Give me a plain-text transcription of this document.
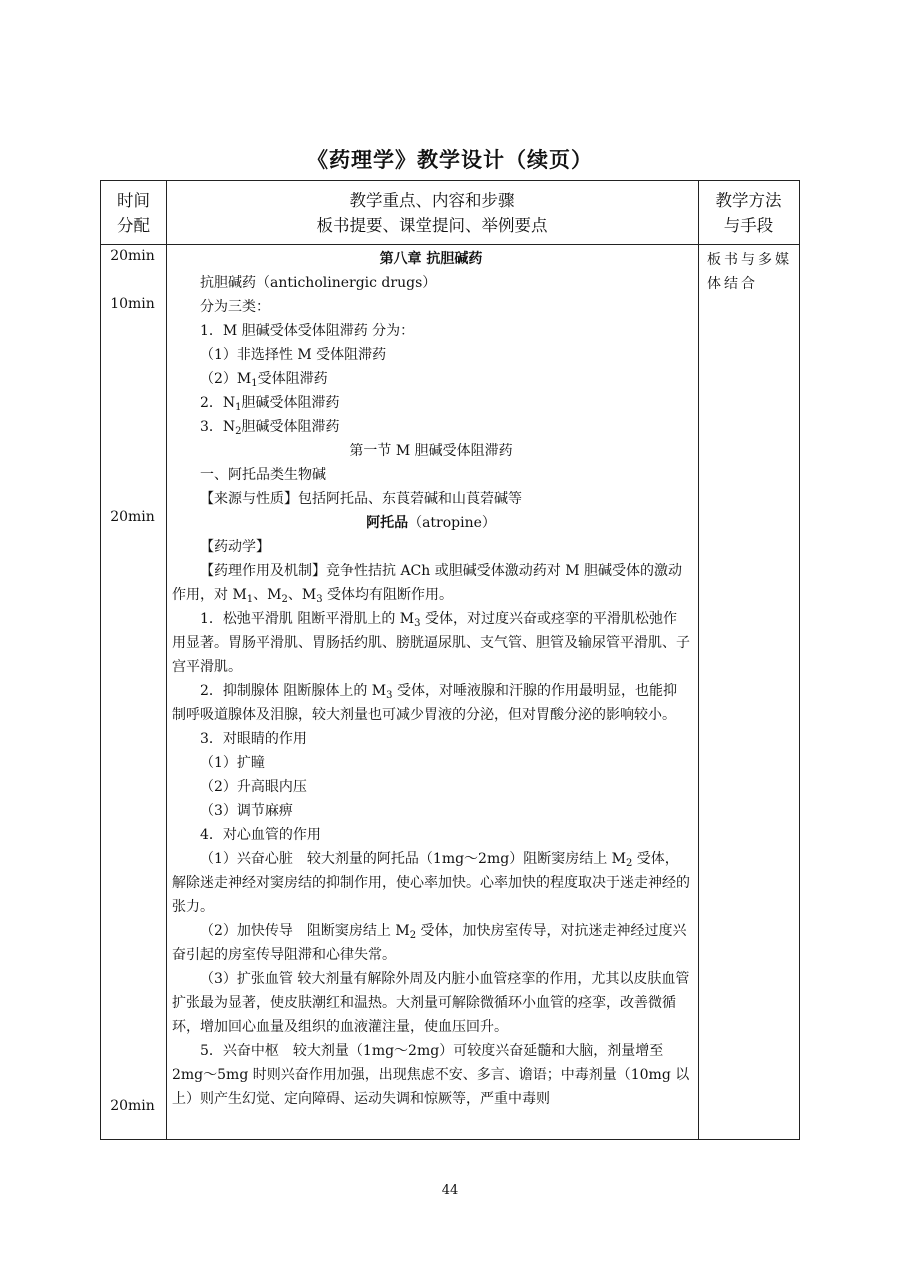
《药理学》教学设计（续页）
时间
分配
教学重点、内容和步骤
板书提要、课堂提问、举例要点
教学方法
与手段
板书与多媒体结合
20min
10min
20min
20min

第八章 抗胆碱药

抗胆碱药（anticholinergic drugs）

分为三类：

1．M 胆碱受体受体阻滞药 分为：

（1）非选择性 M 受体阻滞药

$(2)M_1$受体阻滞药

2．$N_1$胆碱受体阻滞药

3．$N_2$胆碱受体阻滞药

第一节 M 胆碱受体阻滞药

一、阿托品类生物碱

【来源与性质】包括阿托品、东莨菪碱和山莨菪碱等

阿托品（atropine）

【药动学】

【药理作用及机制】竞争性拮抗 ACh 或胆碱受体激动药对 M 胆碱受体的激动作用，对 $M_1$、$M_2$、$M_3$ 受体均有阻断作用。

1．松弛平滑肌 阻断平滑肌上的 $M_3$ 受体，对过度兴奋或痉挛的平滑肌松弛作用显著。胃肠平滑肌、胃肠括约肌、膀胱逼尿肌、支气管、胆管及输尿管平滑肌、子宫平滑肌。

2．抑制腺体 阻断腺体上的 $M_3$ 受体，对唾液腺和汗腺的作用最明显，也能抑制呼吸道腺体及泪腺，较大剂量也可减少胃液的分泌，但对胃酸分泌的影响较小。

3．对眼睛的作用

（1）扩瞳

（2）升高眼内压

（3）调节麻痹

4．对心血管的作用

（1）兴奋心脏　较大剂量的阿托品（1mg～2mg）阻断窦房结上 $M_2$ 受体，解除迷走神经对窦房结的抑制作用，使心率加快。心率加快的程度取决于迷走神经的张力。

（2）加快传导　阻断窦房结上 $M_2$ 受体，加快房室传导，对抗迷走神经过度兴奋引起的房室传导阻滞和心律失常。

（3）扩张血管 较大剂量有解除外周及内脏小血管痉挛的作用，尤其以皮肤血管扩张最为显著，使皮肤潮红和温热。大剂量可解除微循环小血管的痉挛，改善微循环，增加回心血量及组织的血液灌注量，使血压回升。

5．兴奋中枢　较大剂量（1mg～2mg）可较度兴奋延髓和大脑，剂量增至 2mg～5mg 时则兴奋作用加强，出现焦虑不安、多言、谵语；中毒剂量（10mg 以上）则产生幻觉、定向障碍、运动失调和惊厥等，严重中毒则

44
